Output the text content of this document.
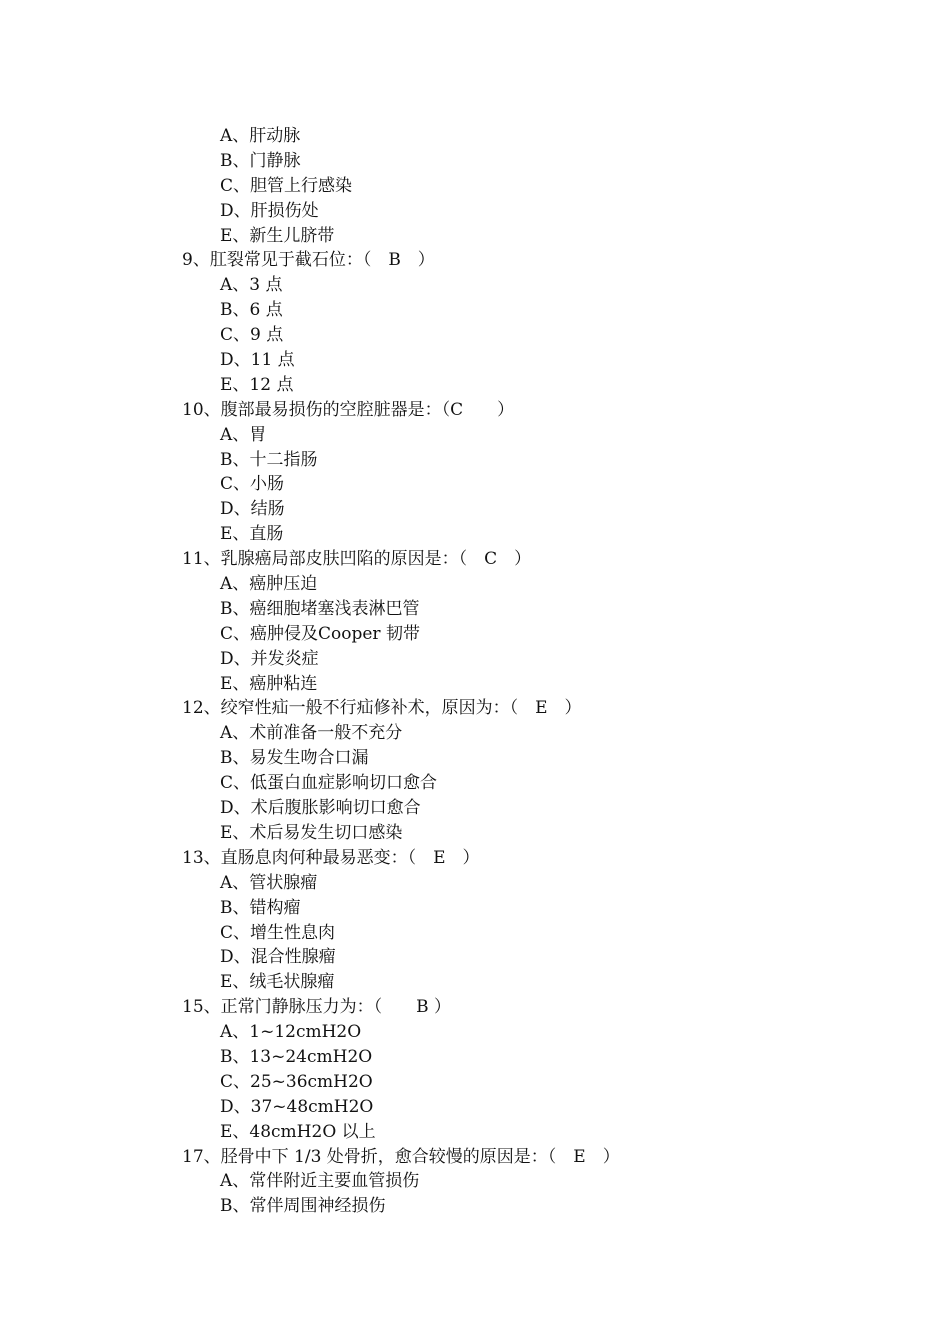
A、肝动脉
B、门静脉
C、胆管上行感染
D、肝损伤处
E、新生儿脐带
9、肛裂常见于截石位：（　B　）
A、3 点
B、6 点
C、9 点
D、11 点
E、12 点
10、腹部最易损伤的空腔脏器是：（C　　）
A、胃
B、十二指肠
C、小肠
D、结肠
E、直肠
11、乳腺癌局部皮肤凹陷的原因是：（　C　）
A、癌肿压迫
B、癌细胞堵塞浅表淋巴管
C、癌肿侵及Cooper 韧带
D、并发炎症
E、癌肿粘连
12、绞窄性疝一般不行疝修补术，原因为：（　E　）
A、术前准备一般不充分
B、易发生吻合口漏
C、低蛋白血症影响切口愈合
D、术后腹胀影响切口愈合
E、术后易发生切口感染
13、直肠息肉何种最易恶变：（　E　）
A、管状腺瘤
B、错构瘤
C、增生性息肉
D、混合性腺瘤
E、绒毛状腺瘤
15、正常门静脉压力为：（　　B ）
A、1~12cmH2O
B、13~24cmH2O
C、25~36cmH2O
D、37~48cmH2O
E、48cmH2O 以上
17、胫骨中下 1/3 处骨折，愈合较慢的原因是：（　E　）
A、常伴附近主要血管损伤
B、常伴周围神经损伤
